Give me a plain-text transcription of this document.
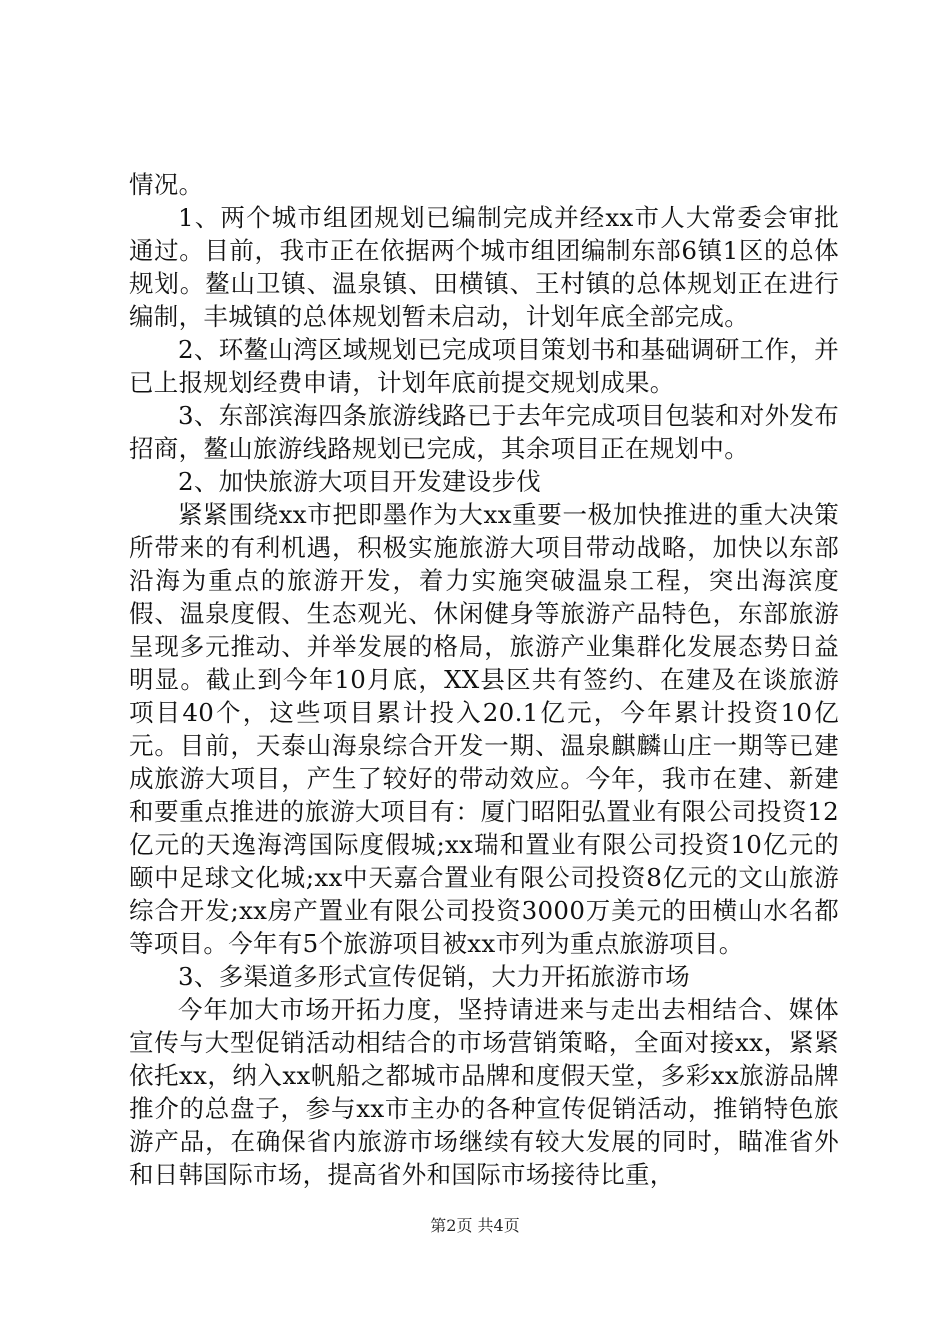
情况。

1、两个城市组团规划已编制完成并经xx市人大常委会审批通过。目前，我市正在依据两个城市组团编制东部6镇1区的总体规划。鳌山卫镇、温泉镇、田横镇、王村镇的总体规划正在进行编制，丰城镇的总体规划暂未启动，计划年底全部完成。

2、环鳌山湾区域规划已完成项目策划书和基础调研工作，并已上报规划经费申请，计划年底前提交规划成果。

3、东部滨海四条旅游线路已于去年完成项目包装和对外发布招商，鳌山旅游线路规划已完成，其余项目正在规划中。

2、加快旅游大项目开发建设步伐

紧紧围绕xx市把即墨作为大xx重要一极加快推进的重大决策所带来的有利机遇，积极实施旅游大项目带动战略，加快以东部沿海为重点的旅游开发，着力实施突破温泉工程，突出海滨度假、温泉度假、生态观光、休闲健身等旅游产品特色，东部旅游呈现多元推动、并举发展的格局，旅游产业集群化发展态势日益明显。截止到今年10月底，XX县区共有签约、在建及在谈旅游项目40个，这些项目累计投入20.1亿元，今年累计投资10亿元。目前，天泰山海泉综合开发一期、温泉麒麟山庄一期等已建成旅游大项目，产生了较好的带动效应。今年，我市在建、新建和要重点推进的旅游大项目有：厦门昭阳弘置业有限公司投资12亿元的天逸海湾国际度假城;xx瑞和置业有限公司投资10亿元的颐中足球文化城;xx中天嘉合置业有限公司投资8亿元的文山旅游综合开发;xx房产置业有限公司投资3000万美元的田横山水名都等项目。今年有5个旅游项目被xx市列为重点旅游项目。

3、多渠道多形式宣传促销，大力开拓旅游市场

今年加大市场开拓力度，坚持请进来与走出去相结合、媒体宣传与大型促销活动相结合的市场营销策略，全面对接xx，紧紧依托xx，纳入xx帆船之都城市品牌和度假天堂，多彩xx旅游品牌推介的总盘子，参与xx市主办的各种宣传促销活动，推销特色旅游产品，在确保省内旅游市场继续有较大发展的同时，瞄准省外和日韩国际市场，提高省外和国际市场接待比重，

第2页 共4页
